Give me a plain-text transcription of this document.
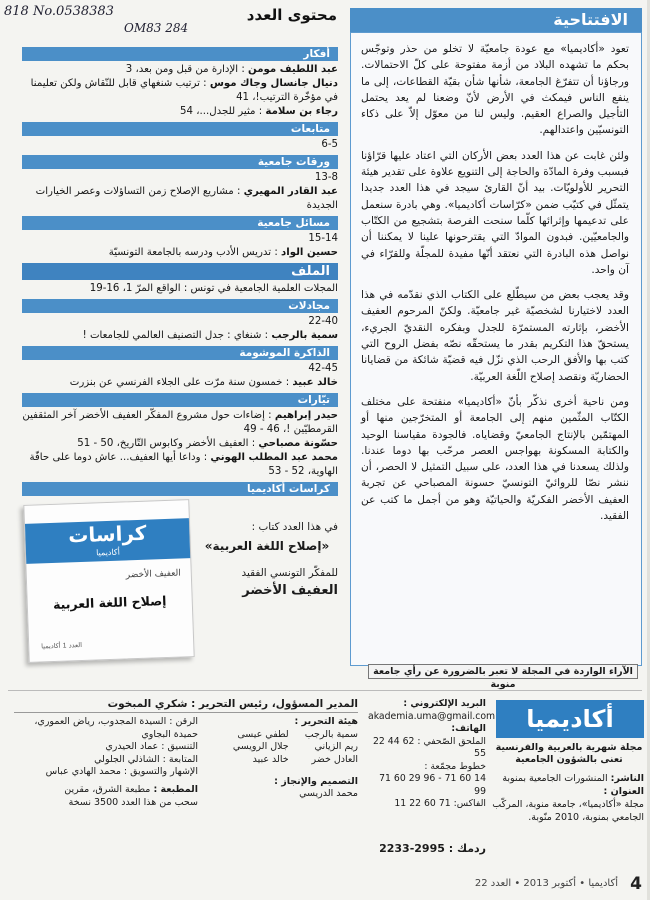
818 No.0538383

OM83 284
محتوى العدد
أفكار
عبد اللطيف مومن : الإدارة من قبل ومن بعد، 3
دنيال جانسال وجاك موس : ترتيب شنغهاي قابل للنّقاش ولكن تعليمنا في مؤخّرة الترتيب!، 41
رجاء بن سلامة : مثير للجدل...، 54
متابعات
6-5
ورقات جامعية
13-8
عبد القادر المهيري : مشاريع الإصلاح زمن التساؤلات وعصر الخيارات الجديدة
مسائل جامعية
15-14
حسين الواد : تدريس الأدب ودرسه بالجامعة التونسيّة
الملف
المجلات العلمية الجامعية في تونس : الواقع المرّ 1، 16-19
مجادلات
22-40
سمية بالرجب : شنغاي : جدل التصنيف العالمي للجامعات !
الذاكرة الموشومة
42-45
خالد عبيد : خمسون سنة مرّت على الجلاء الفرنسي عن بنزرت
تيّارات
حيدر إبراهيم : إضاءات حول مشروع المفكّر العفيف الأخضر آخر المثقفين القرمطيّين !، 46 - 49
حسّونة مصباحي : العفيف الأخضر وكابوس التّاريخ، 50 - 51
محمد عبد المطلب الهوني : وداعا أيها العفيف... عاش دوما على حافّة الهاوية، 52 - 53
كراسات أكاديميا
الافتتاحية

تعود «أكاديميا» مع عودة جامعيّة لا تخلو من حذر وتوجّس بحكم ما تشهده البلاد من أزمة مفتوحة على كلّ الاحتمالات. ورجاؤنا أن تتفرّغ الجامعة، شأنها شأن بقيّة القطاعات، إلى ما ينفع الناس فيمكث في الأرض لأنّ وضعنا لم يعد يحتمل التأجيل والصراع العقيم. وليس لنا من معوّل إلاّ على ذكاء التونسيّين واعتدالهم.

ولئن غابت عن هذا العدد بعض الأركان التي اعتاد عليها قرّاؤنا فبسبب وفرة المادّة والحاجة إلى التنويع علاوة على تقدير هيئة التحرير للأولويّات. بيد أنّ القارئ سيجد في هذا العدد جديدا يتمثّل في كتيّب ضمن «كرّاسات أكاديميا». وهي بادرة سنعمل على تدعيمها وإثرائها كلّما سنحت الفرصة بتشجيع من الكتّاب والجامعيّين. فبدون الموادّ التي يقترحونها علينا لا يمكننا أن نواصل هذه البادرة التي نعتقد أنّها مفيدة للمجلّة وللقرّاء في آن واحد.

وقد يعجب بعض من سيطّلع على الكتاب الذي نقدّمه في هذا العدد لاختيارنا لشخصيّة غير جامعيّة. ولكنّ المرحوم العفيف الأخضر، بإثارته المستمرّة للجدل وبفكره النقديّ الجريء، يستحقّ هذا التكريم بقدر ما يستحقّه نصّه بفضل الروح التي كتب بها والأفق الرحب الذي نزّل فيه قضيّة شائكة من قضايانا الحضاريّة ونقصد إصلاح اللّغة العربيّة.

ومن ناحية أخرى نذكّر بأنّ «أكاديميا» منفتحة على مختلف الكتّاب المثّمين منهم إلى الجامعة أو المتخرّجين منها أو المهتمّين بالإنتاج الجامعيّ وقضاياه. فالجودة مقياسنا الوحيد والكتابة المسكونة بهواجس العصر مرحّب بها دوما عندنا. ولذلك يسعدنا في هذا العدد، على سبيل التمثيل لا الحصر، أن ننشر نصّا للروائيّ التونسيّ حسونة المصباحي عن تجربة العفيف الأخضر الفكريّة والحياتيّة وهو من أجمل ما كتب عن الفقيد.

كراسات
أكاديميا
العفيف الأخضر
إصلاح اللغة العربية
العدد 1 أكاديميا
في هذا العدد كتاب :
«إصلاح اللغة العربية»
للمفكّر التونسي الفقيد
العفيف الأخضر
الآراء الواردة في المجلة لا تعبر بالضرورة عن رأي جامعة منوبة
أكاديميا
مجلة شهرية بالعربية والفرنسية تعنى بالشؤون الجامعية
الناشر: المنشورات الجامعية بمنوبة
العنوان :
مجلة «أكاديميا»، جامعة منوبة، المركّب الجامعي بمنوبة، 2010 منّوبة.
البريد الإلكتروني :
akademia.uma@gmail.com
الهاتف:
الملحق الصّحفي : 62 44 22 55
خطوط مجمّعة :
71 60 29 96 - 71 60 14 99
الفاكس: 71 60 22 11
ردمك : 2233-2995
المدير المسؤول، رئيس التحرير : شكري المبخوت
هيئة التحرير :
سمية بالرجب
ريم الزياني
العادل خضر
لطفي عيسى
جلال الرويسي
خالد عبيد
التصميم والإنجاز :
محمد الدريسي
الرقن : السيدة المجدوب، رياض العموري، حميدة البجاوي
التنسيق : عماد الحيدري
المتابعة : الشاذلي الجلولي
الإشهار والتسويق : محمد الهادي عباس
المطبعة : مطبعة الشرق، مقرين
سحب من هذا العدد 3500 نسخة
4
أكاديميا • أكتوبر 2013 • العدد 22
